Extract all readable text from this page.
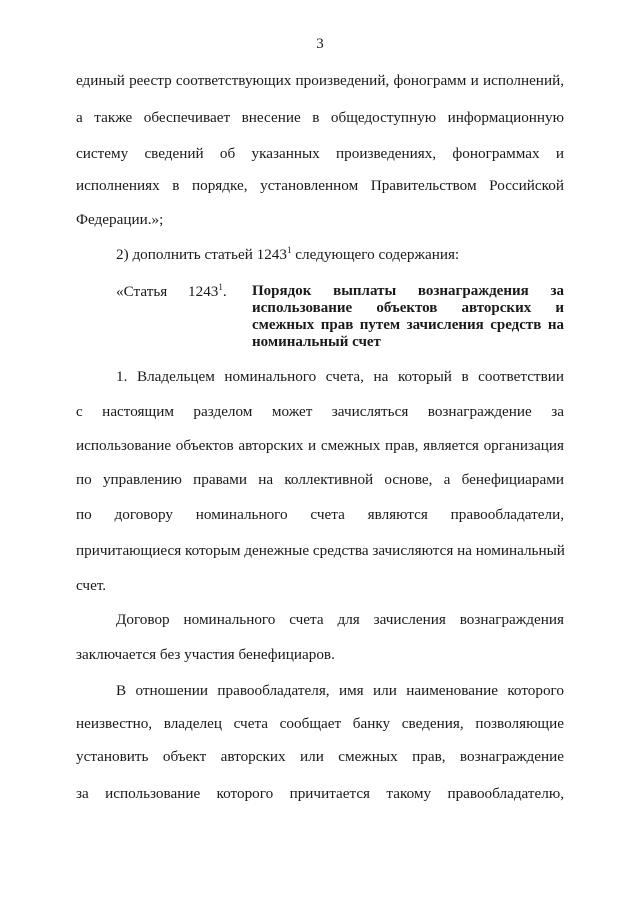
3
единый реестр соответствующих произведений, фонограмм и исполнений,
а также обеспечивает внесение в общедоступную информационную
систему сведений об указанных произведениях, фонограммах и
исполнениях в порядке, установленном Правительством Российской
Федерации.»;
2) дополнить статьей 1243$^1$ следующего содержания:
«Статья 1243$^1$. Порядок выплаты вознаграждения за
использование объектов авторских и
смежных прав путем зачисления средств на
номинальный счет
1. Владельцем номинального счета, на который в соответствии
с настоящим разделом может зачисляться вознаграждение за
использование объектов авторских и смежных прав, является организация
по управлению правами на коллективной основе, а бенефициарами
по договору номинального счета являются правообладатели,
причитающиеся которым денежные средства зачисляются на номинальный
счет.
Договор номинального счета для зачисления вознаграждения
заключается без участия бенефициаров.
В отношении правообладателя, имя или наименование которого
неизвестно, владелец счета сообщает банку сведения, позволяющие
установить объект авторских или смежных прав, вознаграждение
за использование которого причитается такому правообладателю,
